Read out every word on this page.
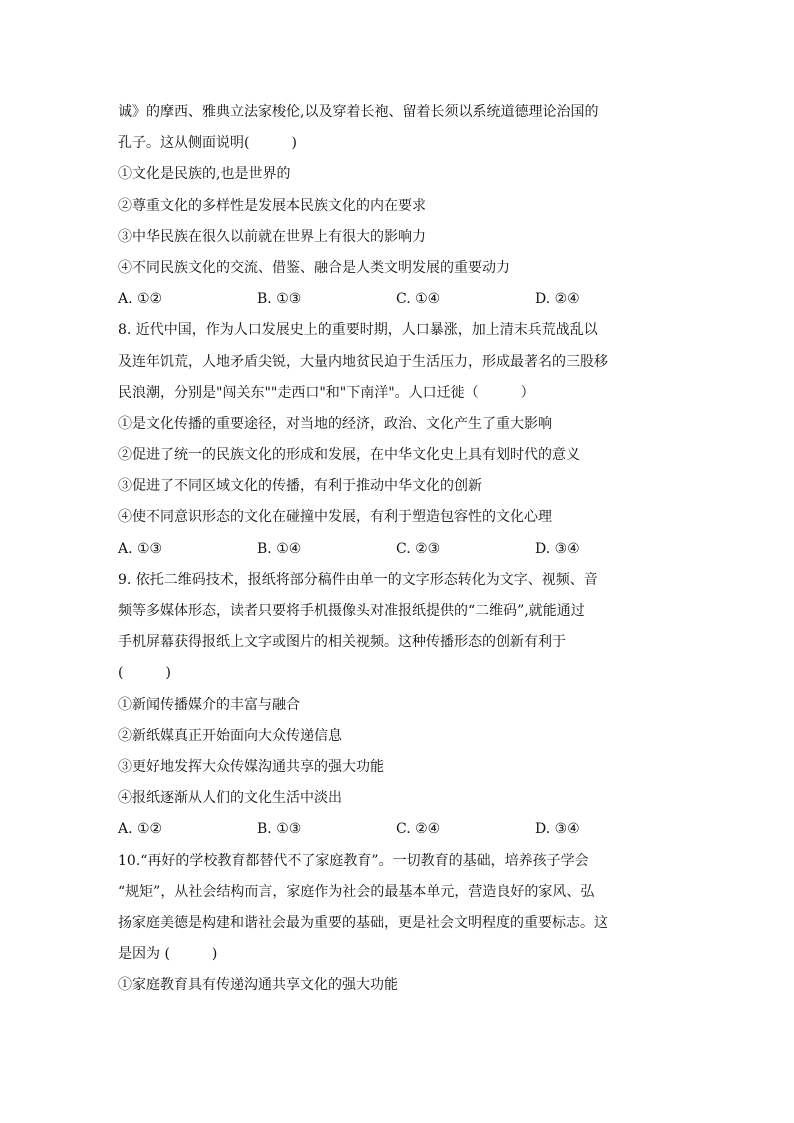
诚》的摩西、雅典立法家梭伦,以及穿着长袍、留着长须以系统道德理论治国的
孔子。这从侧面说明(　　　)
①文化是民族的,也是世界的
②尊重文化的多样性是发展本民族文化的内在要求
③中华民族在很久以前就在世界上有很大的影响力
④不同民族文化的交流、借鉴、融合是人类文明发展的重要动力
A. ①②	B. ①③	C. ①④	D. ②④
8. 近代中国，作为人口发展史上的重要时期，人口暴涨，加上清末兵荒战乱以
及连年饥荒，人地矛盾尖锐，大量内地贫民迫于生活压力，形成最著名的三股移
民浪潮，分别是"闯关东""走西口"和"下南洋"。人口迁徙（　　　）
①是文化传播的重要途径，对当地的经济，政治、文化产生了重大影响
②促进了统一的民族文化的形成和发展，在中华文化史上具有划时代的意义
③促进了不同区域文化的传播，有利于推动中华文化的创新
④使不同意识形态的文化在碰撞中发展，有利于塑造包容性的文化心理
A. ①③	B. ①④	C. ②③	D. ③④
9. 依托二维码技术，报纸将部分稿件由单一的文字形态转化为文字、视频、音
频等多媒体形态，读者只要将手机摄像头对准报纸提供的“二维码”,就能通过
手机屏幕获得报纸上文字或图片的相关视频。这种传播形态的创新有利于
(　　　)
①新闻传播媒介的丰富与融合
②新纸媒真正开始面向大众传递信息
③更好地发挥大众传媒沟通共享的强大功能
④报纸逐渐从人们的文化生活中淡出
A. ①②	B. ①③	C. ②④	D. ③④
10.“再好的学校教育都替代不了家庭教育”。一切教育的基础，培养孩子学会
“规矩”，从社会结构而言，家庭作为社会的最基本单元，营造良好的家风、弘
扬家庭美德是构建和谐社会最为重要的基础，更是社会文明程度的重要标志。这
是因为 (　　　)
①家庭教育具有传递沟通共享文化的强大功能
